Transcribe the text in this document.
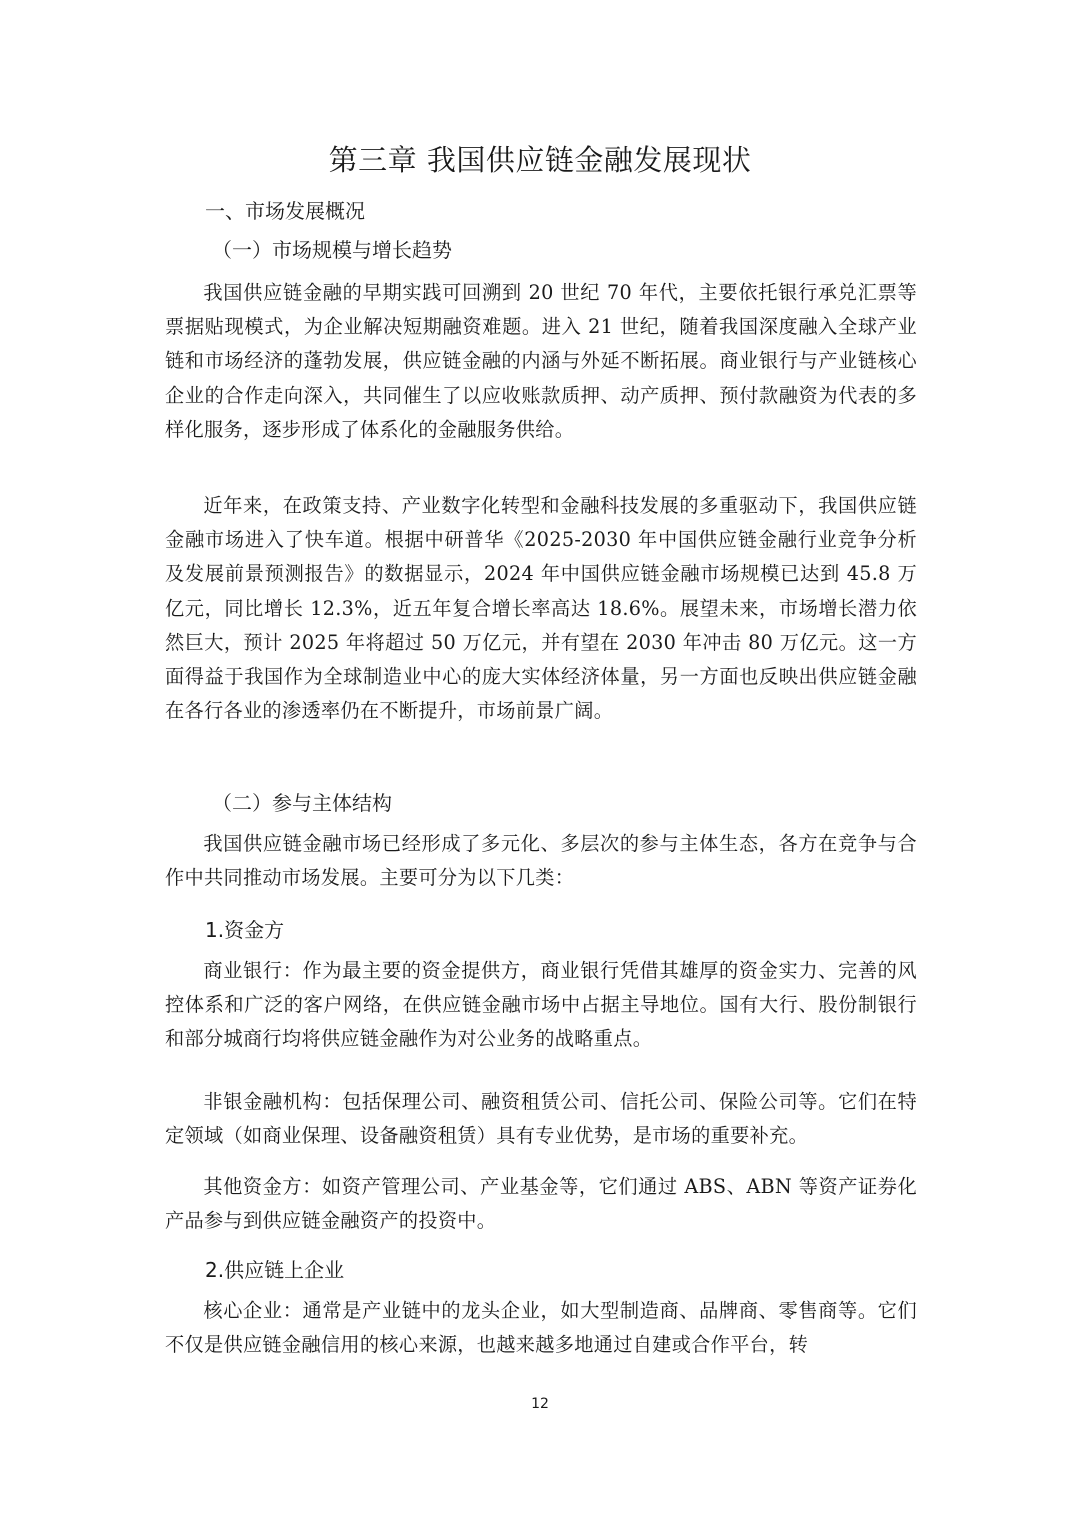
第三章 我国供应链金融发展现状
一、市场发展概况
（一）市场规模与增长趋势

我国供应链金融的早期实践可回溯到 20 世纪 70 年代，主要依托银行承兑汇票等票据贴现模式，为企业解决短期融资难题。进入 21 世纪，随着我国深度融入全球产业链和市场经济的蓬勃发展，供应链金融的内涵与外延不断拓展。商业银行与产业链核心企业的合作走向深入，共同催生了以应收账款质押、动产质押、预付款融资为代表的多样化服务，逐步形成了体系化的金融服务供给。

近年来，在政策支持、产业数字化转型和金融科技发展的多重驱动下，我国供应链金融市场进入了快车道。根据中研普华《2025-2030 年中国供应链金融行业竞争分析及发展前景预测报告》的数据显示，2024 年中国供应链金融市场规模已达到 45.8 万亿元，同比增长 12.3%，近五年复合增长率高达 18.6%。展望未来，市场增长潜力依然巨大，预计 2025 年将超过 50 万亿元，并有望在 2030 年冲击 80 万亿元。这一方面得益于我国作为全球制造业中心的庞大实体经济体量，另一方面也反映出供应链金融在各行各业的渗透率仍在不断提升，市场前景广阔。

（二）参与主体结构

我国供应链金融市场已经形成了多元化、多层次的参与主体生态，各方在竞争与合作中共同推动市场发展。主要可分为以下几类：

1.资金方

商业银行：作为最主要的资金提供方，商业银行凭借其雄厚的资金实力、完善的风控体系和广泛的客户网络，在供应链金融市场中占据主导地位。国有大行、股份制银行和部分城商行均将供应链金融作为对公业务的战略重点。

非银金融机构：包括保理公司、融资租赁公司、信托公司、保险公司等。它们在特定领域（如商业保理、设备融资租赁）具有专业优势，是市场的重要补充。

其他资金方：如资产管理公司、产业基金等，它们通过 ABS、ABN 等资产证券化产品参与到供应链金融资产的投资中。

2.供应链上企业

核心企业：通常是产业链中的龙头企业，如大型制造商、品牌商、零售商等。它们不仅是供应链金融信用的核心来源，也越来越多地通过自建或合作平台，转

12
